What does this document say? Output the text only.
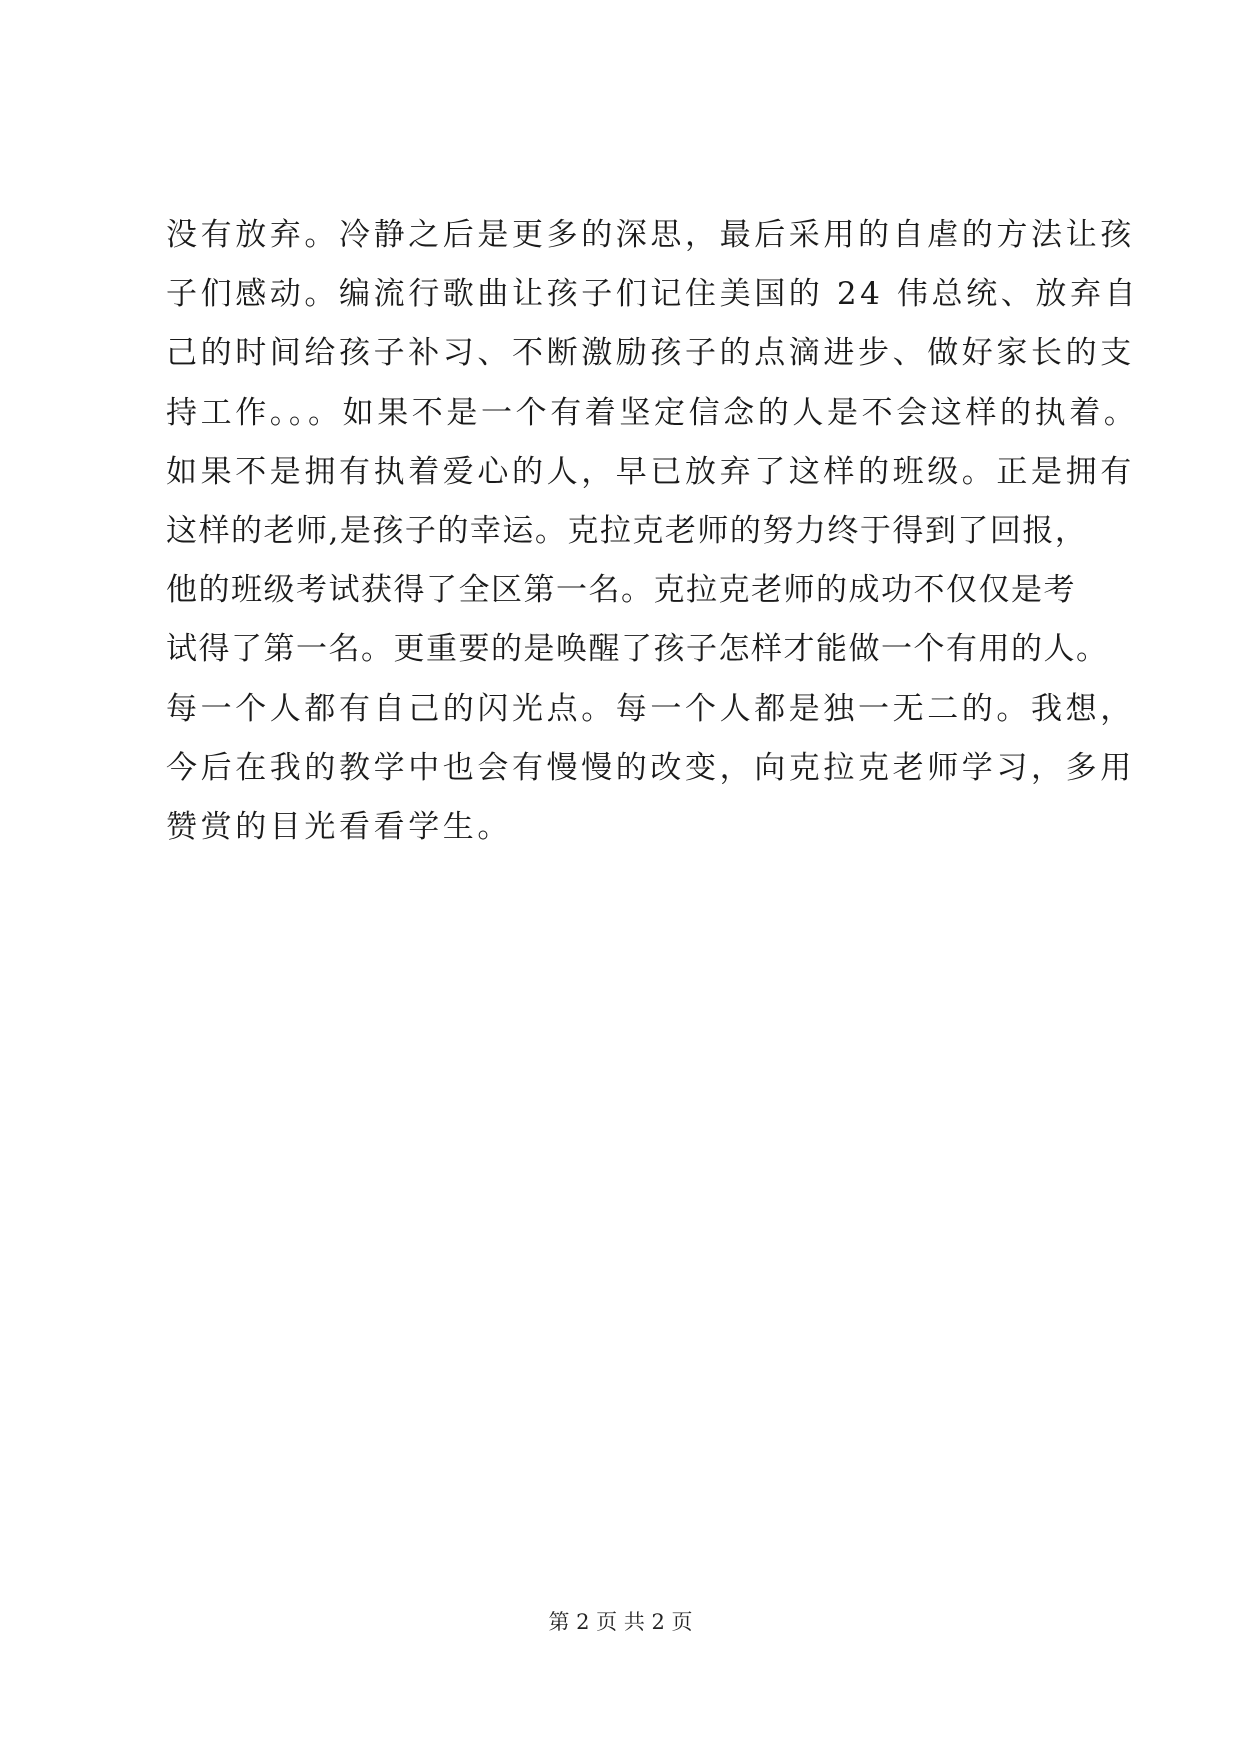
没有放弃。冷静之后是更多的深思，最后采用的自虐的方法让孩
子们感动。编流行歌曲让孩子们记住美国的 24 伟总统、放弃自
己的时间给孩子补习、不断激励孩子的点滴进步、做好家长的支
持工作。。。如果不是一个有着坚定信念的人是不会这样的执着。
如果不是拥有执着爱心的人，早已放弃了这样的班级。正是拥有
这样的老师,是孩子的幸运。克拉克老师的努力终于得到了回报，
他的班级考试获得了全区第一名。克拉克老师的成功不仅仅是考
试得了第一名。更重要的是唤醒了孩子怎样才能做一个有用的人。
每一个人都有自己的闪光点。每一个人都是独一无二的。我想，
今后在我的教学中也会有慢慢的改变，向克拉克老师学习，多用
赞赏的目光看看学生。
第 2 页 共 2 页
